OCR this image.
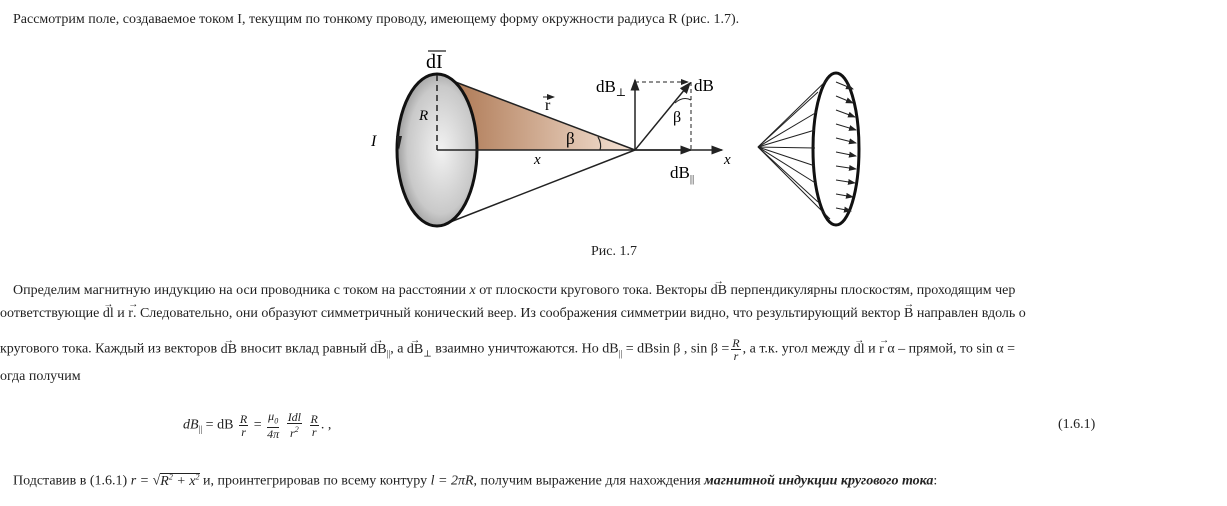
Рассмотрим поле, создаваемое током I, текущим по тонкому проводу, имеющему форму окружности радиуса R (рис. 1.7).
dI
R
I
r
β
x	x
$dB_\perp$	dB
β
$dB_{||}$
Рис. 1.7
Определим магнитную индукцию на оси проводника с током на расстоянии x от плоскости кругового тока. Векторы → dB перпендикулярны плоскостям, проходящим чер
оответствующие → dl и → r. Следовательно, они образуют симметричный конический веер. Из соображения симметрии видно, что результирующий вектор → B направлен вдоль о
кругового тока. Каждый из векторов → dB вносит вклад равный → $dB_{||}$, $а \to dB_\perp$ взаимно уничтожаются. Но $dB_{||} = dBsin$ β , $\sin \beta = \frac{R}{r}$ , а т.к. угол между → dl и → r α – прямой, то sin α =
огда получим
$dB_{||}$ = dB $\frac{R}{r} = \frac{\mu_0}{4\pi}$
$\frac{\text{Idl}}{r^2}$
$\frac{R}{r}$ . ,	(1.6.1)
Подставив в (1.6.1) $r = √R^2 + x^2$ и, проинтегрировав по всему контуру l = 2πR, получим выражение для нахождения магнитной индукции кругового тока:
